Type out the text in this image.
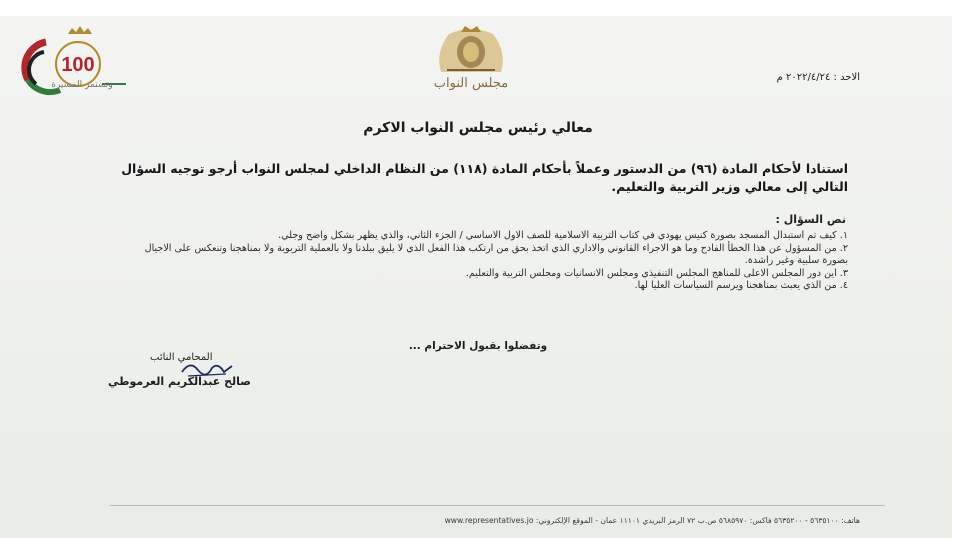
100
وتستمر المسيرة	مجلس النواب	الاحد : ٢٠٢٢/٤/٢٤ م
معالي رئيس مجلس النواب الاكرم
استنادا لأحكام المادة (٩٦) من الدستور وعملاً بأحكام المادة (١١٨) من النظام الداخلي لمجلس النواب أرجو توجيه السؤال التالي إلى معالي وزير التربية والتعليم.
نص السؤال :

١. كيف تم استبدال المسجد بصورة كنيس يهودي في كتاب التربية الاسلامية للصف الاول الاساسي / الجزء الثاني، والذي يظهر بشكل واضح وجلي.

٢. من المسؤول عن هذا الخطأ الفادح وما هو الاجراء القانوني والاداري الذي اتخذ بحق من ارتكب هذا الفعل الذي لا يليق ببلدنا ولا بالعملية التربوية ولا بمناهجنا وتنعكس على الاجيال بصورة سلبية وغير راشدة.

٣. اين دور المجلس الاعلى للمناهج المجلس التنفيذي ومجلس الانسانيات ومجلس التربية والتعليم.

٤. من الذي يعبث بمناهجنا ويرسم السياسات العليا لها.

وتفضلوا بقبول الاحترام ...
المحامي النائب
صالح عبدالكريم العرموطي
هاتف: ٥٦٣٥١٠٠ - ٥٦٣٥٢٠٠ فاكس: ٥٦٨٥٩٧٠ ص.ب ٧٢ الرمز البريدي ١١١٠١ عمان - الموقع الإلكتروني: www.representatives.jo
